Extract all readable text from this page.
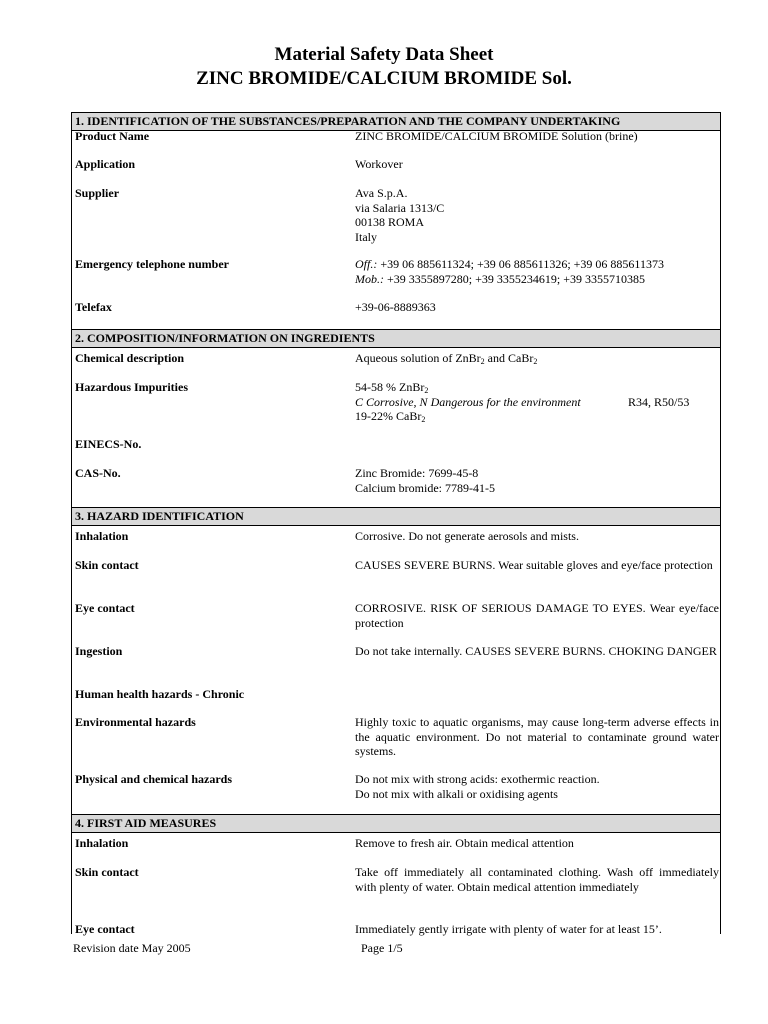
Material Safety Data Sheet
ZINC BROMIDE/CALCIUM BROMIDE Sol.
1. IDENTIFICATION OF THE SUBSTANCES/PREPARATION AND THE COMPANY UNDERTAKING
Product Name	ZINC BROMIDE/CALCIUM BROMIDE Solution (brine)
Application	Workover
Supplier	Ava S.p.A.
via Salaria 1313/C
00138 ROMA
Italy
Emergency telephone number	Off.: +39 06 885611324; +39 06 885611326; +39 06 885611373
Mob.: +39 3355897280; +39 3355234619; +39 3355710385
Telefax	+39-06-8889363
2. COMPOSITION/INFORMATION ON INGREDIENTS
Chemical description	Aqueous solution of ZnBr$_2$ and CaBr$_2$
Hazardous Impurities	54-58 % ZnBr$_2$
C Corrosive, N Dangerous for the environment	R34, R50/53
19-22% CaBr$_2$
EINECS-No.
CAS-No.	Zinc Bromide: 7699-45-8
Calcium bromide: 7789-41-5
3. HAZARD IDENTIFICATION
Inhalation	Corrosive. Do not generate aerosols and mists.
Skin contact	CAUSES SEVERE BURNS. Wear suitable gloves and eye/face protection
Eye contact	CORROSIVE. RISK OF SERIOUS DAMAGE TO EYES. Wear eye/face protection
Ingestion	Do not take internally. CAUSES SEVERE BURNS. CHOKING DANGER
Human health hazards - Chronic
Environmental hazards	Highly toxic to aquatic organisms, may cause long-term adverse effects in the aquatic environment. Do not material to contaminate ground water systems.
Physical and chemical hazards	Do not mix with strong acids: exothermic reaction.
Do not mix with alkali or oxidising agents
4. FIRST AID MEASURES
Inhalation	Remove to fresh air. Obtain medical attention
Skin contact	Take off immediately all contaminated clothing. Wash off immediately with plenty of water. Obtain medical attention immediately
Eye contact	Immediately gently irrigate with plenty of water for at least 15’.
Revision date May 2005	Page 1/5
